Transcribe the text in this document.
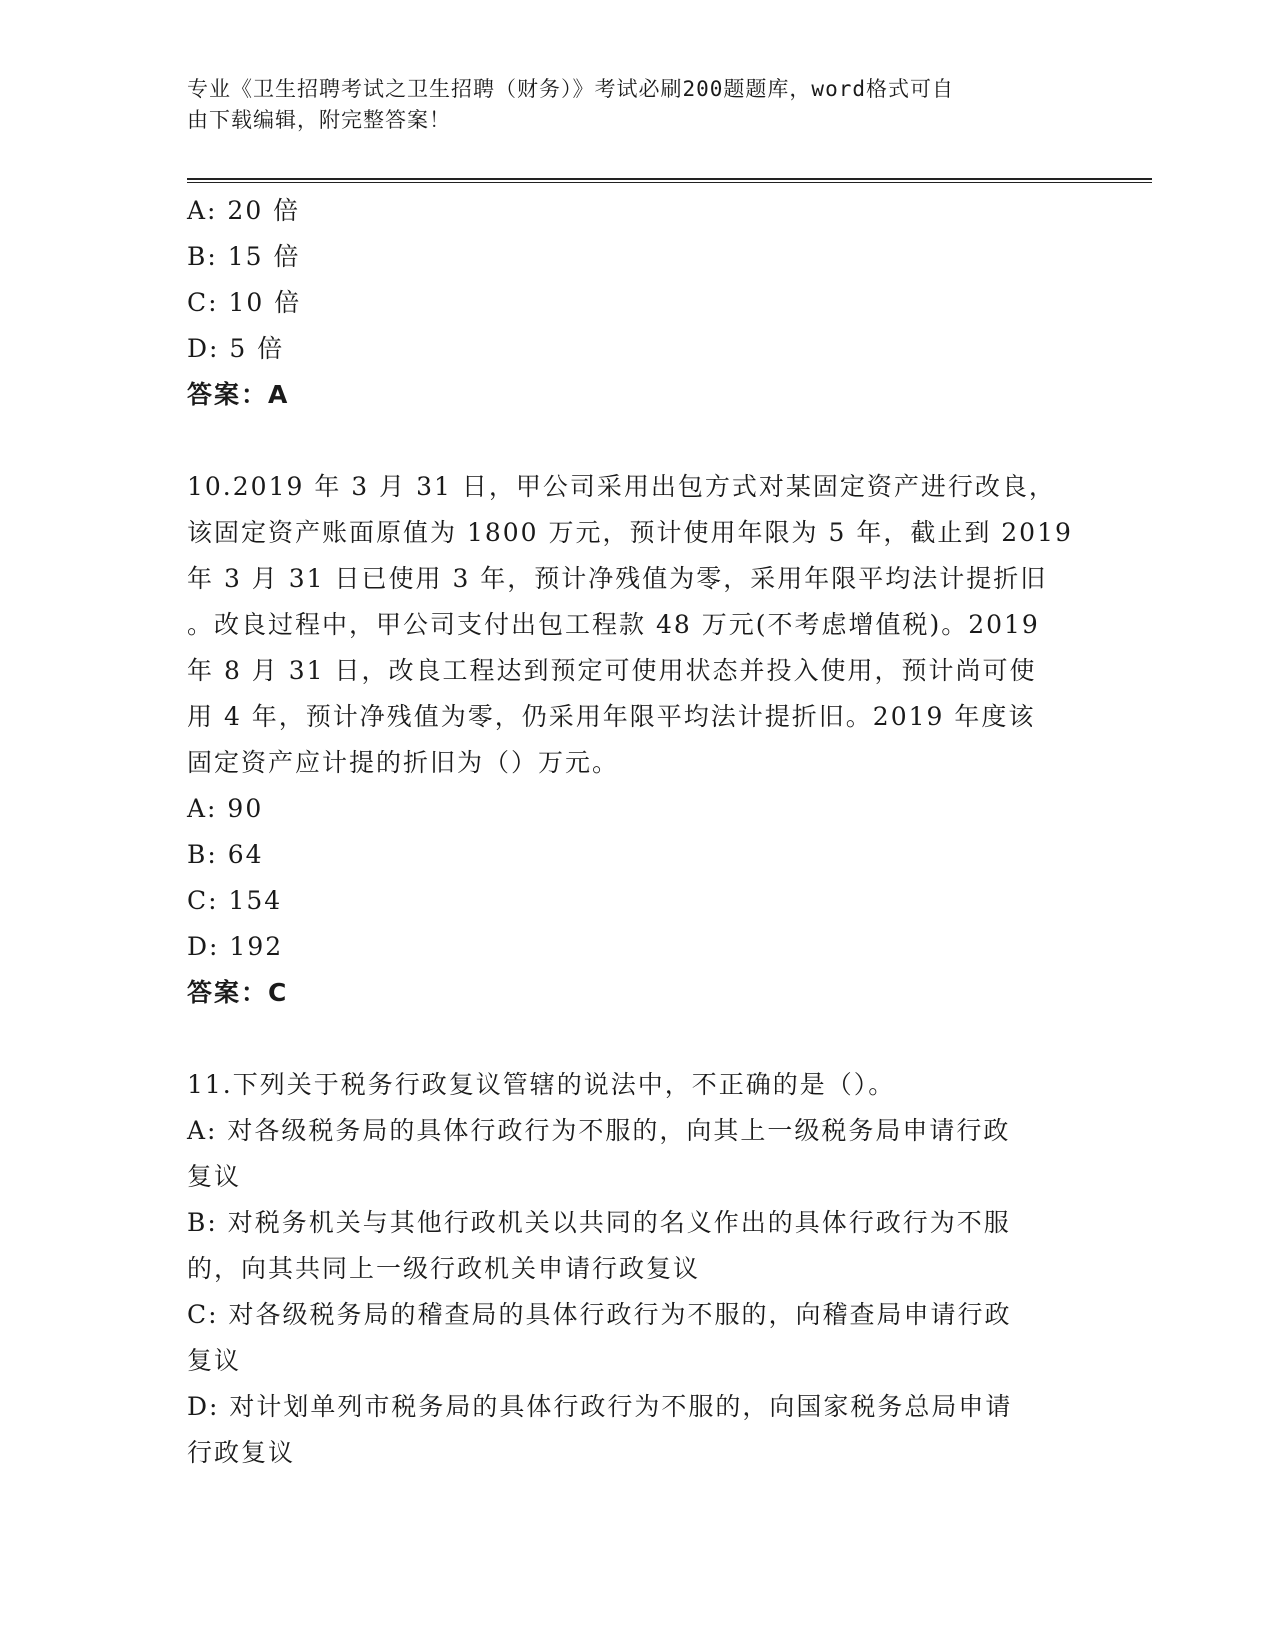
专业《卫生招聘考试之卫生招聘（财务）》考试必刷200题题库，word格式可自
由下载编辑，附完整答案！
A: 20 倍
B: 15 倍
C: 10 倍
D: 5 倍
答案：A
10.2019 年 3 月 31 日，甲公司采用出包方式对某固定资产进行改良，
该固定资产账面原值为 1800 万元，预计使用年限为 5 年，截止到 2019
年 3 月 31 日已使用 3 年，预计净残值为零，采用年限平均法计提折旧
。改良过程中，甲公司支付出包工程款 48 万元(不考虑增值税)。2019
年 8 月 31 日，改良工程达到预定可使用状态并投入使用，预计尚可使
用 4 年，预计净残值为零，仍采用年限平均法计提折旧。2019 年度该
固定资产应计提的折旧为（）万元。
A: 90
B: 64
C: 154
D: 192
答案：C
11.下列关于税务行政复议管辖的说法中，不正确的是（）。
A: 对各级税务局的具体行政行为不服的，向其上一级税务局申请行政
复议
B: 对税务机关与其他行政机关以共同的名义作出的具体行政行为不服
的，向其共同上一级行政机关申请行政复议
C: 对各级税务局的稽查局的具体行政行为不服的，向稽查局申请行政
复议
D: 对计划单列市税务局的具体行政行为不服的，向国家税务总局申请
行政复议
